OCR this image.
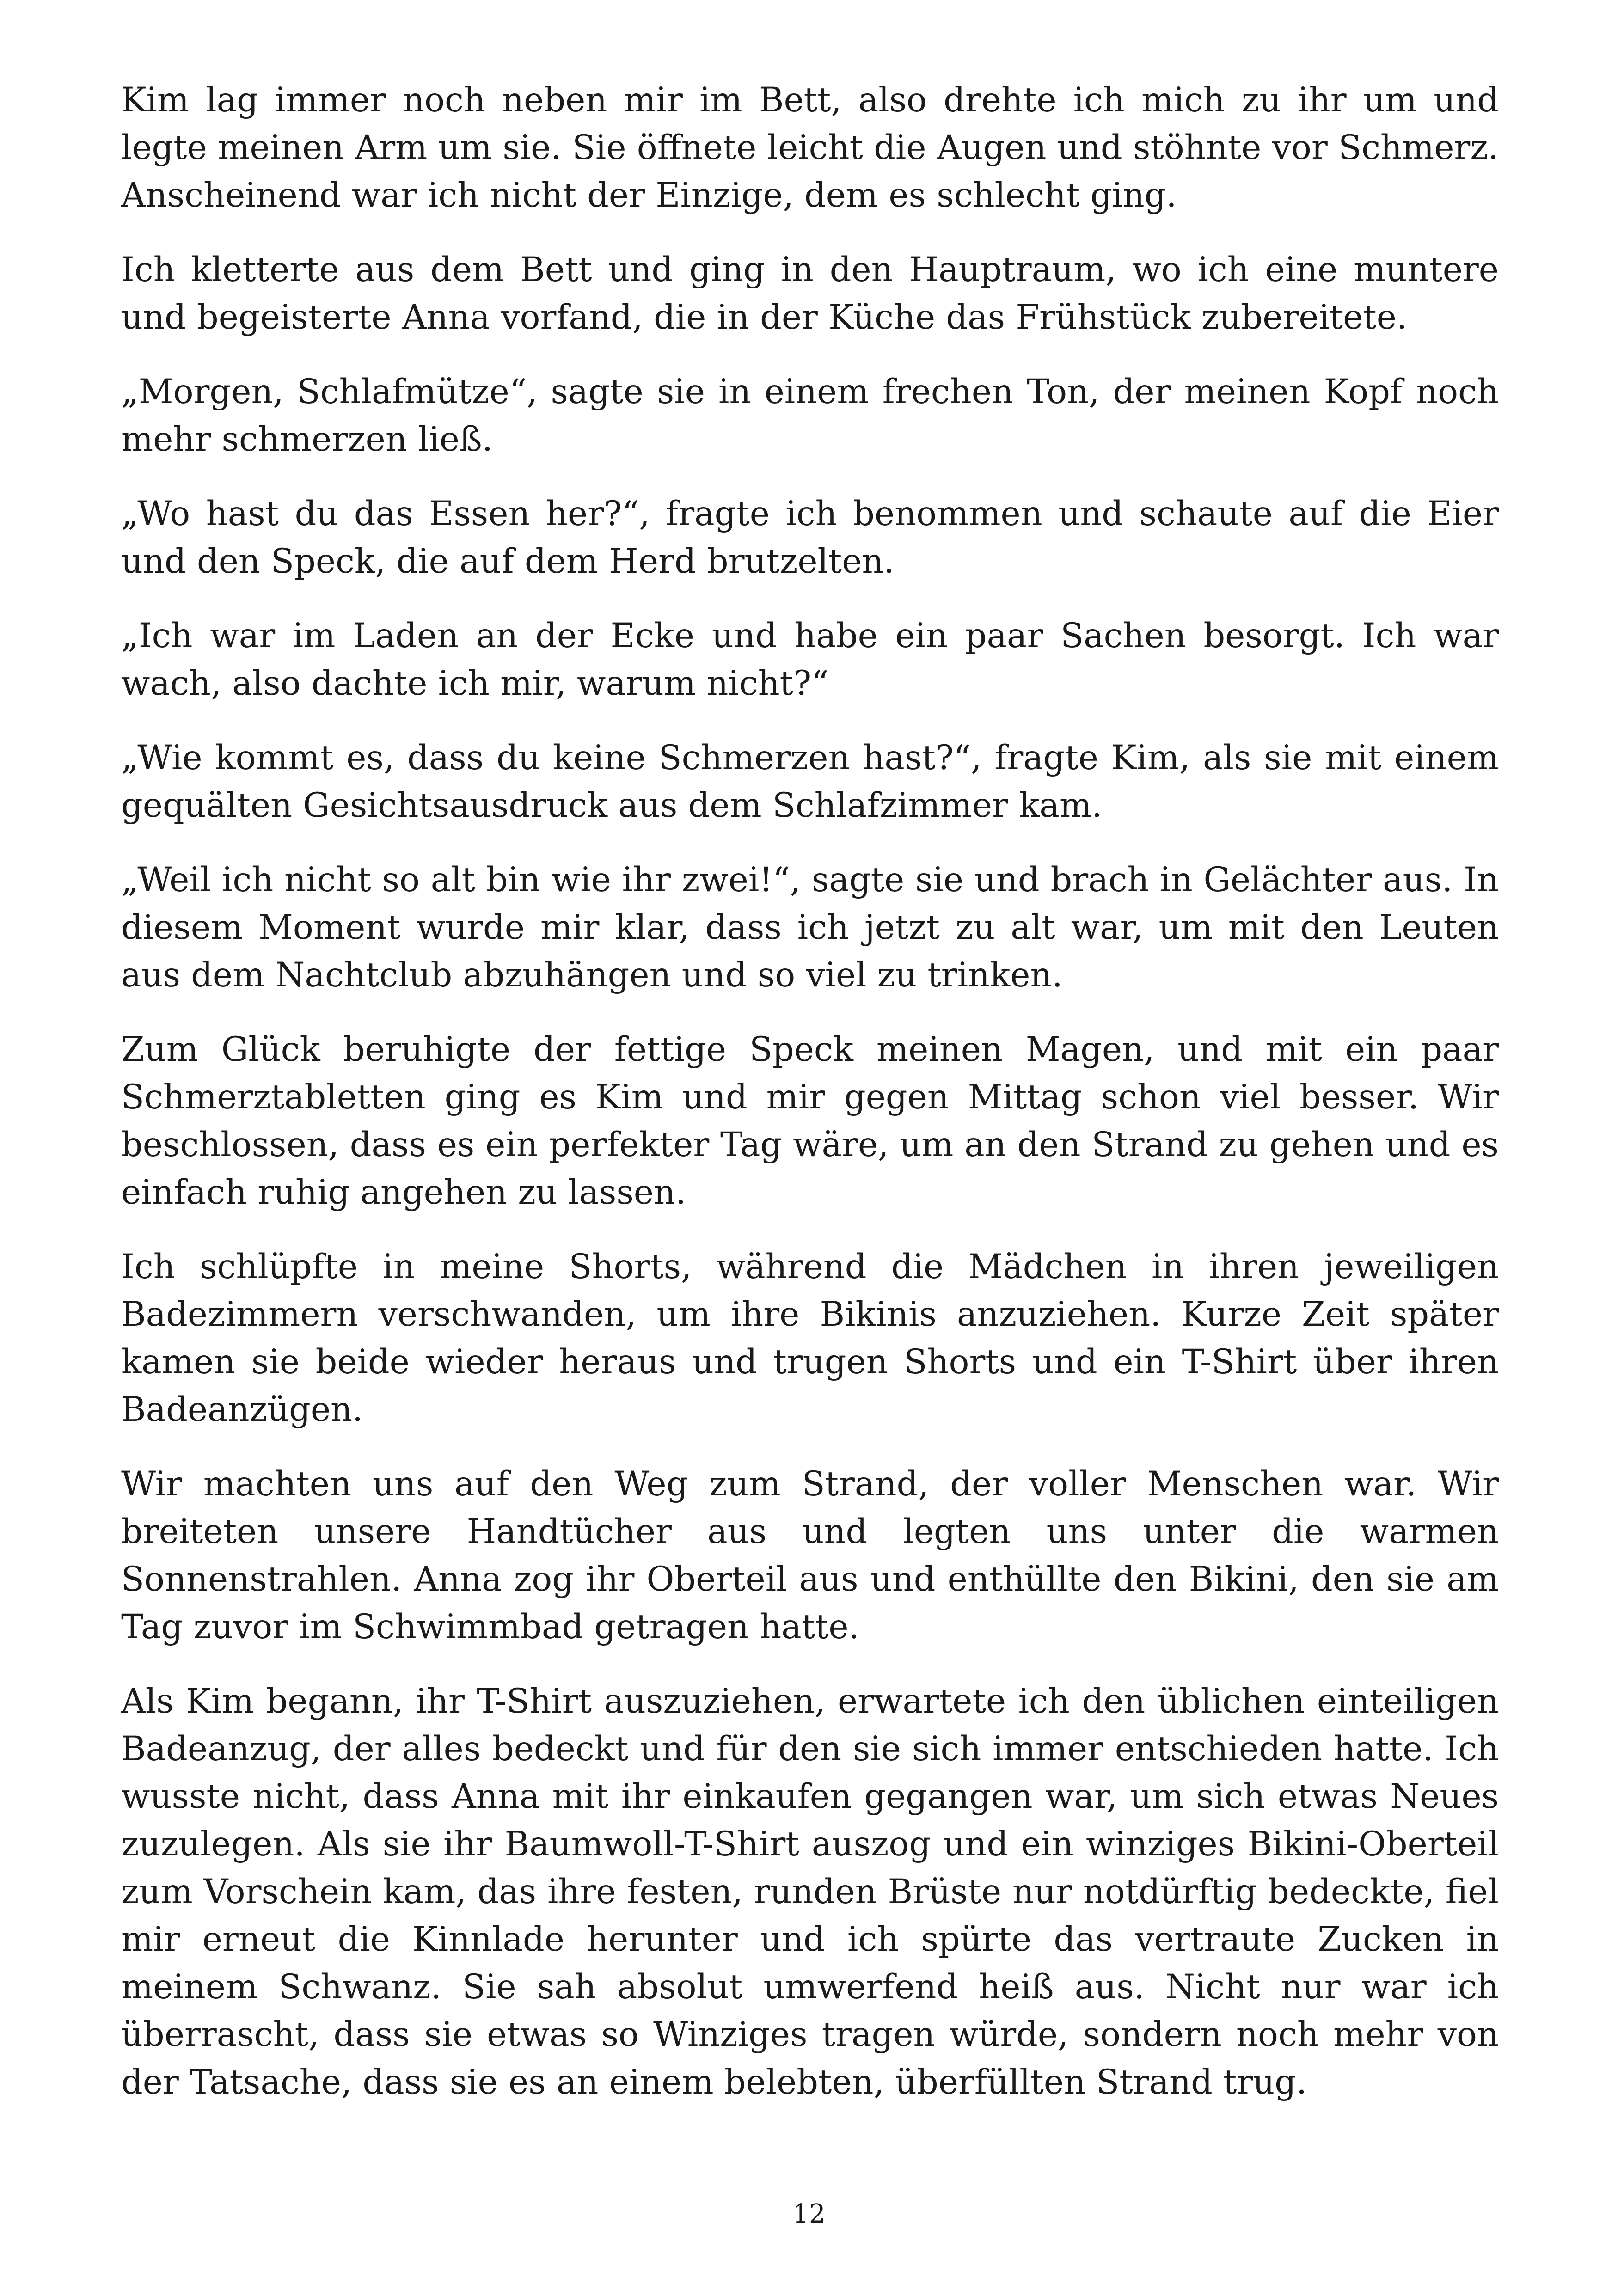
Kim lag immer noch neben mir im Bett, also drehte ich mich zu ihr um und legte meinen Arm um sie. Sie öffnete leicht die Augen und stöhnte vor Schmerz. Anscheinend war ich nicht der Einzige, dem es schlecht ging.

Ich kletterte aus dem Bett und ging in den Hauptraum, wo ich eine muntere und begeisterte Anna vorfand, die in der Küche das Frühstück zubereitete.

„Morgen, Schlafmütze“, sagte sie in einem frechen Ton, der meinen Kopf noch mehr schmerzen ließ.

„Wo hast du das Essen her?“, fragte ich benommen und schaute auf die Eier und den Speck, die auf dem Herd brutzelten.

„Ich war im Laden an der Ecke und habe ein paar Sachen besorgt. Ich war wach, also dachte ich mir, warum nicht?“

„Wie kommt es, dass du keine Schmerzen hast?“, fragte Kim, als sie mit einem gequälten Gesichtsausdruck aus dem Schlafzimmer kam.

„Weil ich nicht so alt bin wie ihr zwei!“, sagte sie und brach in Gelächter aus. In diesem Moment wurde mir klar, dass ich jetzt zu alt war, um mit den Leuten aus dem Nachtclub abzuhängen und so viel zu trinken.

Zum Glück beruhigte der fettige Speck meinen Magen, und mit ein paar Schmerztabletten ging es Kim und mir gegen Mittag schon viel besser. Wir beschlossen, dass es ein perfekter Tag wäre, um an den Strand zu gehen und es einfach ruhig angehen zu lassen.

Ich schlüpfte in meine Shorts, während die Mädchen in ihren jeweiligen Badezimmern verschwanden, um ihre Bikinis anzuziehen. Kurze Zeit später kamen sie beide wieder heraus und trugen Shorts und ein T-Shirt über ihren Badeanzügen.

Wir machten uns auf den Weg zum Strand, der voller Menschen war. Wir breiteten unsere Handtücher aus und legten uns unter die warmen Sonnenstrahlen. Anna zog ihr Oberteil aus und enthüllte den Bikini, den sie am Tag zuvor im Schwimmbad getragen hatte.

Als Kim begann, ihr T-Shirt auszuziehen, erwartete ich den üblichen einteiligen Badeanzug, der alles bedeckt und für den sie sich immer entschieden hatte. Ich wusste nicht, dass Anna mit ihr einkaufen gegangen war, um sich etwas Neues zuzulegen. Als sie ihr Baumwoll-T-Shirt auszog und ein winziges Bikini-Oberteil zum Vorschein kam, das ihre festen, runden Brüste nur notdürftig bedeckte, fiel mir erneut die Kinnlade herunter und ich spürte das vertraute Zucken in meinem Schwanz. Sie sah absolut umwerfend heiß aus. Nicht nur war ich überrascht, dass sie etwas so Winziges tragen würde, sondern noch mehr von der Tatsache, dass sie es an einem belebten, überfüllten Strand trug.

12
